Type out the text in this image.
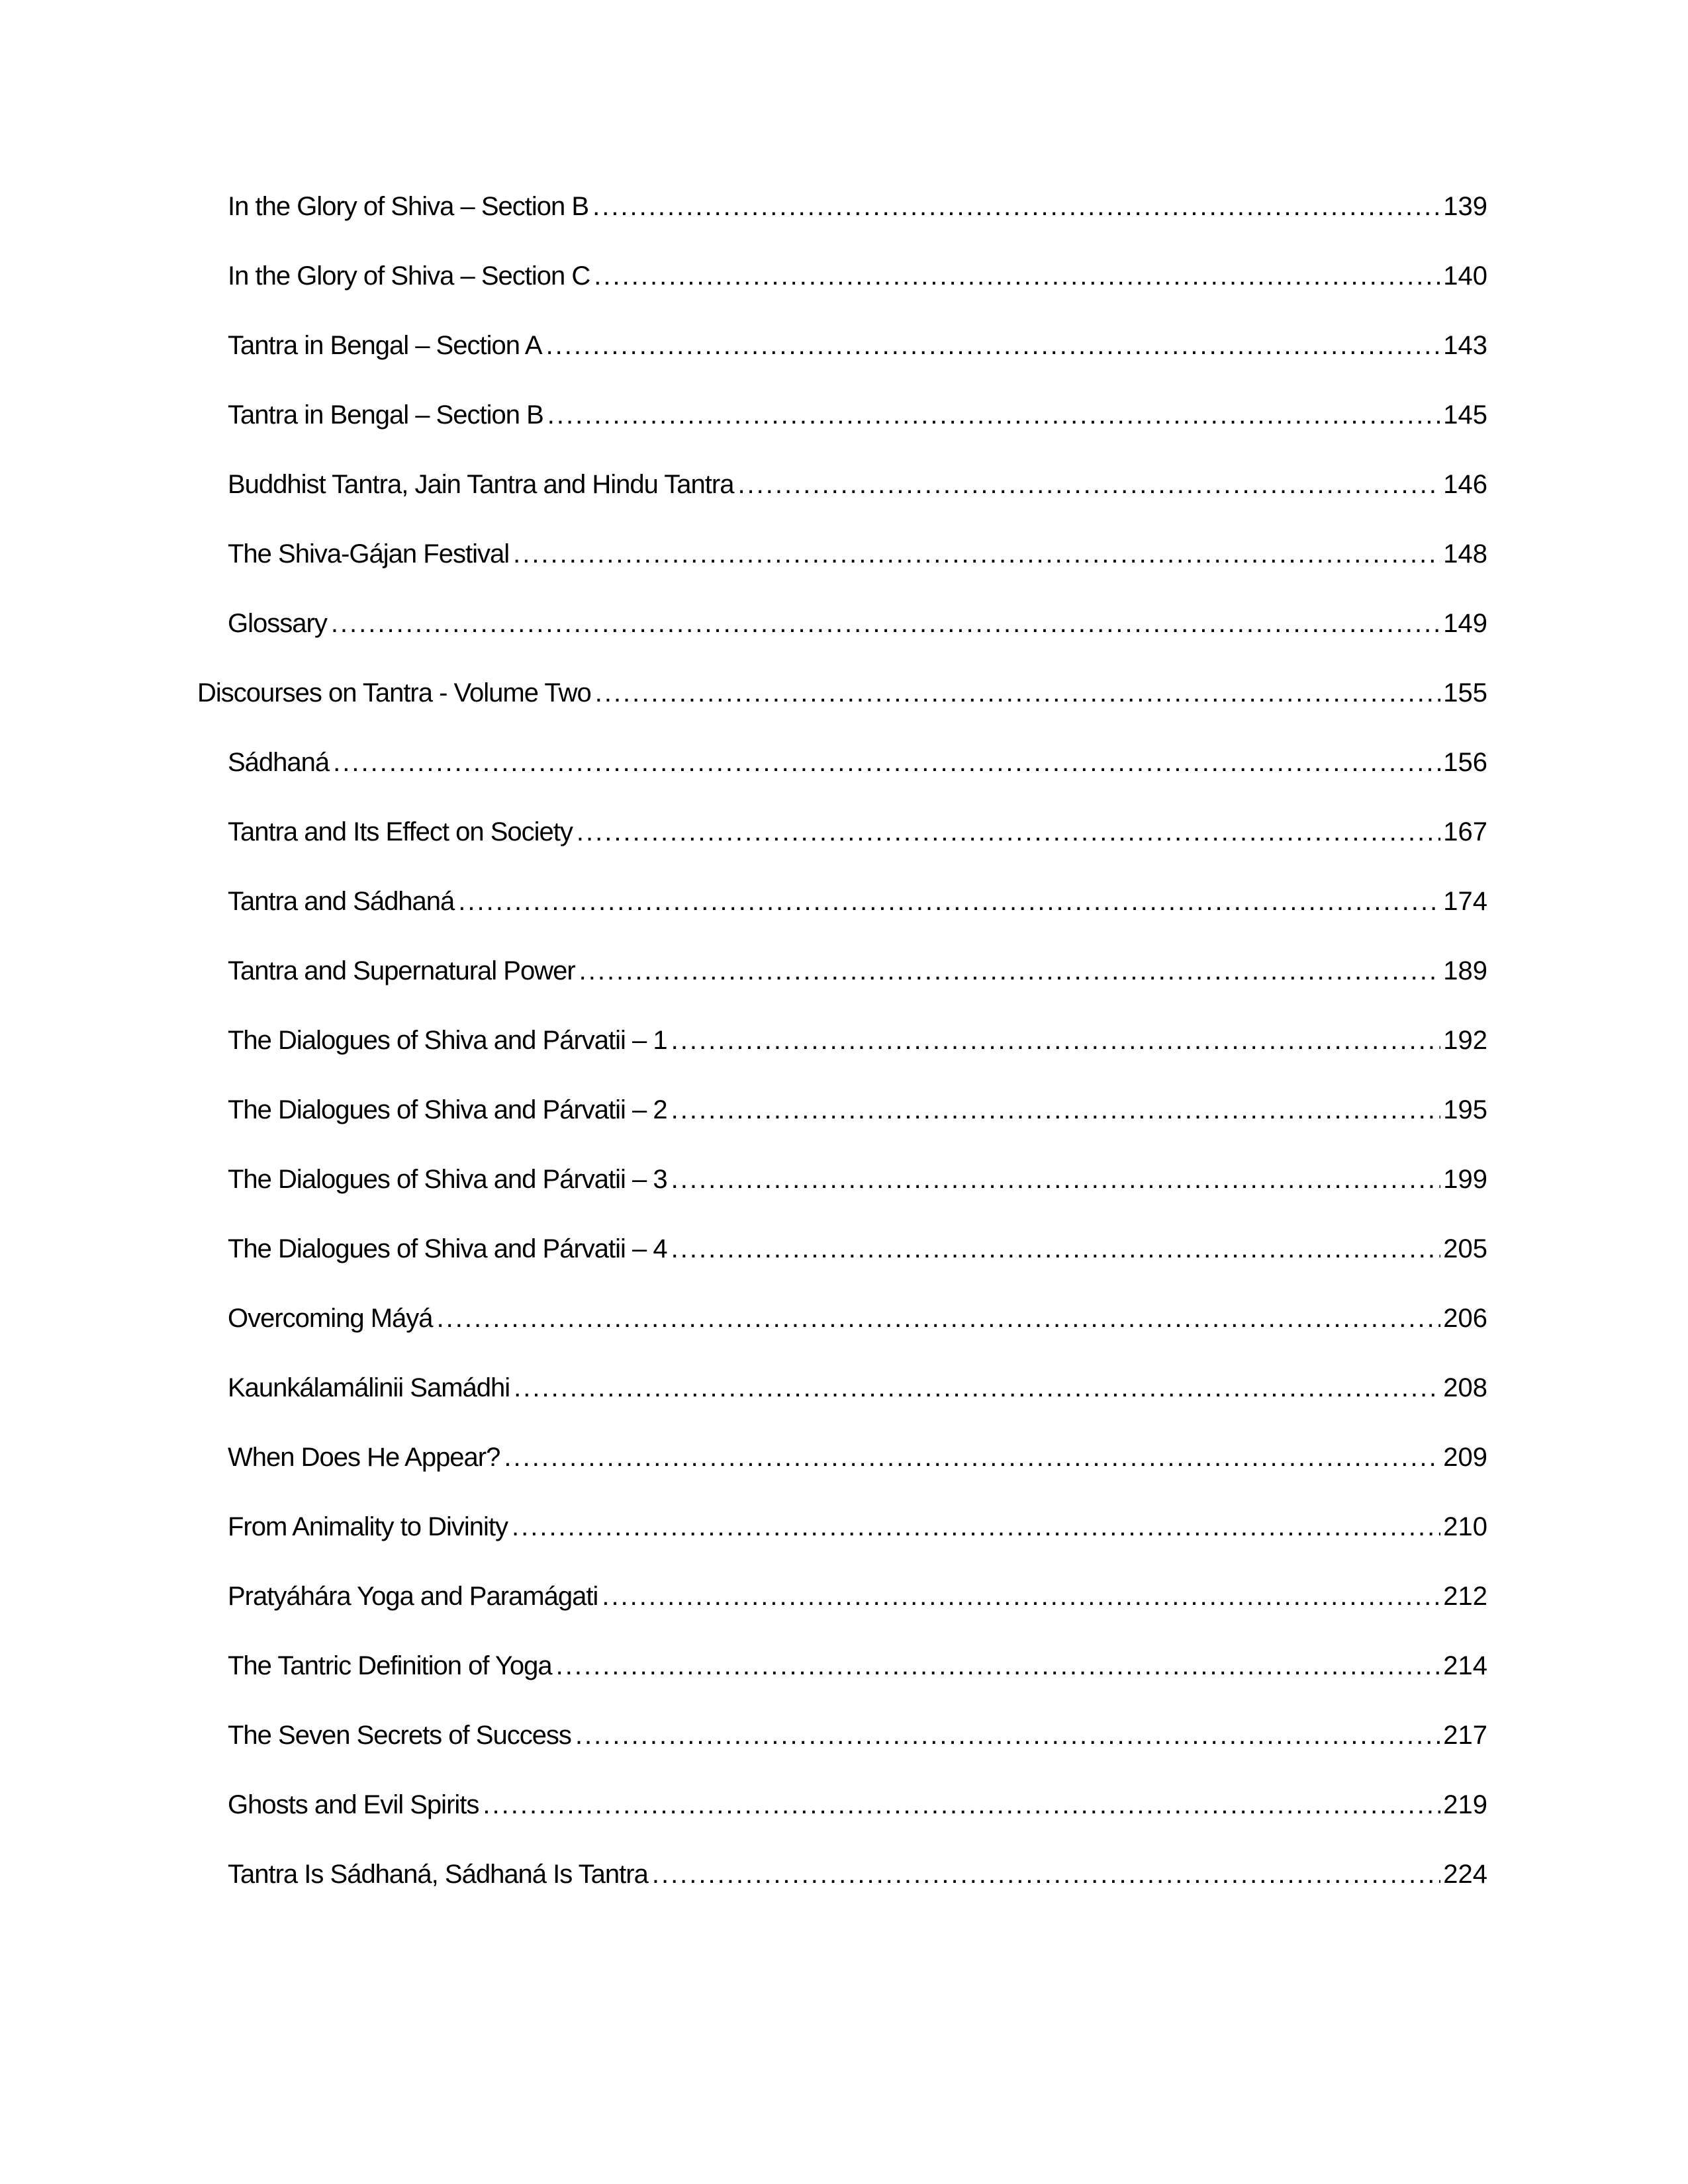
In the Glory of Shiva – Section B .....	139
In the Glory of Shiva – Section C .....	140
Tantra in Bengal – Section A .....	143
Tantra in Bengal – Section B .....	145
Buddhist Tantra, Jain Tantra and Hindu Tantra .....	146
The Shiva-Gájan Festival .....	148
Glossary .....	149
Discourses on Tantra - Volume Two .....	155
Sádhaná .....	156
Tantra and Its Effect on Society .....	167
Tantra and Sádhaná .....	174
Tantra and Supernatural Power .....	189
The Dialogues of Shiva and Párvatii – 1 .....	192
The Dialogues of Shiva and Párvatii – 2 .....	195
The Dialogues of Shiva and Párvatii – 3 .....	199
The Dialogues of Shiva and Párvatii – 4 .....	205
Overcoming Máyá .....	206
Kaunkálamálinii Samádhi .....	208
When Does He Appear? .....	209
From Animality to Divinity .....	210
Pratyáhára Yoga and Paramágati .....	212
The Tantric Definition of Yoga .....	214
The Seven Secrets of Success .....	217
Ghosts and Evil Spirits .....	219
Tantra Is Sádhaná, Sádhaná Is Tantra .....	224
